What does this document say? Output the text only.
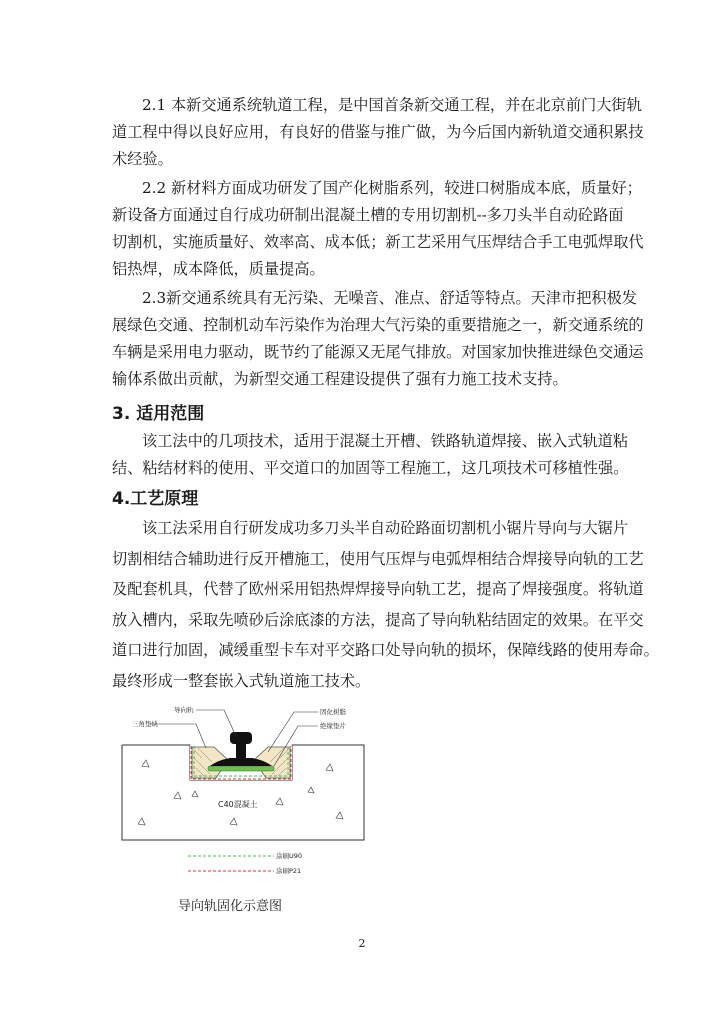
2.1 本新交通系统轨道工程，是中国首条新交通工程，并在北京前门大街轨
道工程中得以良好应用，有良好的借鉴与推广做，为今后国内新轨道交通积累技
术经验。
2.2 新材料方面成功研发了国产化树脂系列，较进口树脂成本底，质量好；
新设备方面通过自行成功研制出混凝土槽的专用切割机--多刀头半自动砼路面
切割机，实施质量好、效率高、成本低；新工艺采用气压焊结合手工电弧焊取代
铝热焊，成本降低，质量提高。
2.3新交通系统具有无污染、无噪音、准点、舒适等特点。天津市把积极发
展绿色交通、控制机动车污染作为治理大气污染的重要措施之一，新交通系统的
车辆是采用电力驱动，既节约了能源又无尾气排放。对国家加快推进绿色交通运
输体系做出贡献，为新型交通工程建设提供了强有力施工技术支持。
3. 适用范围
该工法中的几项技术，适用于混凝土开槽、铁路轨道焊接、嵌入式轨道粘
结、粘结材料的使用、平交道口的加固等工程施工，这几项技术可移植性强。
4.工艺原理
该工法采用自行研发成功多刀头半自动砼路面切割机小锯片导向与大锯片
切割相结合辅助进行反开槽施工，使用气压焊与电弧焊相结合焊接导向轨的工艺
及配套机具，代替了欧州采用铝热焊焊接导向轨工艺，提高了焊接强度。将轨道
放入槽内，采取先喷砂后涂底漆的方法，提高了导向轨粘结固定的效果。在平交
道口进行加固，减缓重型卡车对平交路口处导向轨的损坏，保障线路的使用寿命。
最终形成一整套嵌入式轨道施工技术。
导向轨
三角垫块
固化树脂
绝缘垫片
C40混凝土
涂刷U90
涂刷P21
导向轨固化示意图
2
